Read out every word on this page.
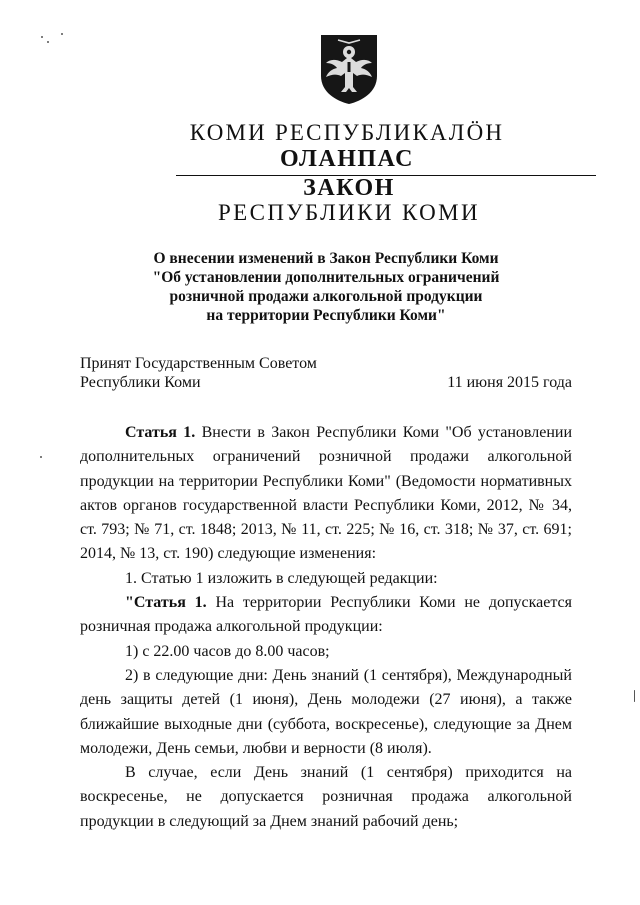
КОМИ РЕСПУБЛИКАЛӦН
ОЛАНПАС
ЗАКОН
РЕСПУБЛИКИ КОМИ
О внесении изменений в Закон Республики Коми
"Об установлении дополнительных ограничений
розничной продажи алкогольной продукции
на территории Республики Коми"
Принят Государственным Советом
Республики Коми	11 июня 2015 года

Статья 1. Внести в Закон Республики Коми "Об установлении дополнительных ограничений розничной продажи алкогольной продукции на территории Республики Коми" (Ведомости нормативных актов органов государственной власти Республики Коми, 2012, № 34, ст. 793; № 71, ст. 1848; 2013, № 11, ст. 225; № 16, ст. 318; № 37, ст. 691; 2014, № 13, ст. 190) следующие изменения:

1. Статью 1 изложить в следующей редакции:

"Статья 1. На территории Республики Коми не допускается розничная продажа алкогольной продукции:

1) с 22.00 часов до 8.00 часов;

2) в следующие дни: День знаний (1 сентября), Международный день защиты детей (1 июня), День молодежи (27 июня), а также ближайшие выходные дни (суббота, воскресенье), следующие за Днем молодежи, День семьи, любви и верности (8 июля).

В случае, если День знаний (1 сентября) приходится на воскресенье, не допускается розничная продажа алкогольной продукции в следующий за Днем знаний рабочий день;
